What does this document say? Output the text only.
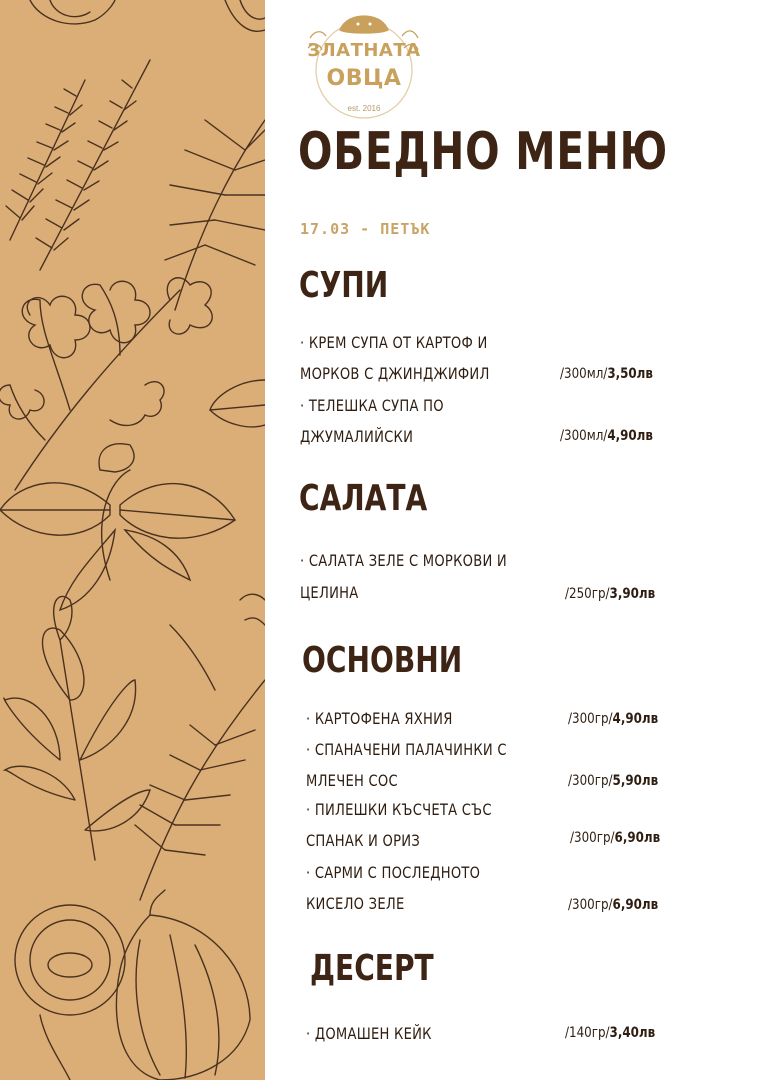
ЗЛАТНАТА
ОВЦА
est. 2016
ОБЕДНО МЕНЮ
17.03 - ПЕТЪК
СУПИ
· КРЕМ СУПА ОТ КАРТОФ И
МОРКОВ С ДЖИНДЖИФИЛ	/300мл/3,50лв
· ТЕЛЕШКА СУПА ПО
ДЖУМАЛИЙСКИ	/300мл/4,90лв
САЛАТА
· САЛАТА ЗЕЛЕ С МОРКОВИ И
ЦЕЛИНА	/250гр/3,90лв
ОСНОВНИ
· КАРТОФЕНА ЯХНИЯ	/300гр/4,90лв
· СПАНАЧЕНИ ПАЛАЧИНКИ С
МЛЕЧЕН СОС	/300гр/5,90лв
· ПИЛЕШКИ КЪСЧЕТА СЪС
СПАНАК И ОРИЗ	/300гр/6,90лв
· САРМИ С ПОСЛЕДНОТО
КИСЕЛО ЗЕЛЕ	/300гр/6,90лв
ДЕСЕРТ
· ДОМАШЕН КЕЙК	/140гр/3,40лв
